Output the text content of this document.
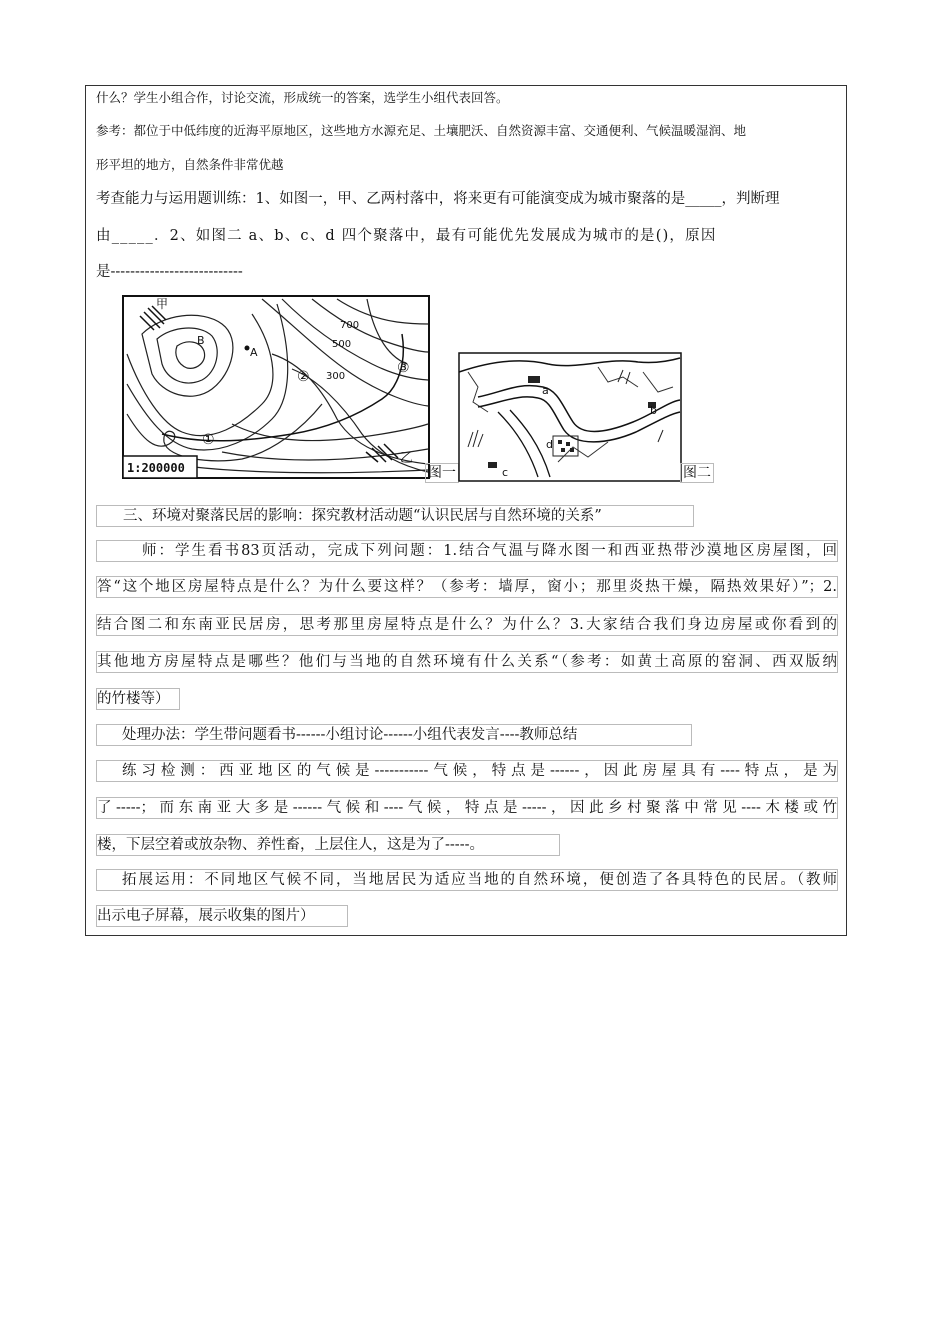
什么？学生小组合作，讨论交流，形成统一的答案，选学生小组代表回答。
参考：都位于中低纬度的近海平原地区，这些地方水源充足、土壤肥沃、自然资源丰富、交通便利、气候温暖湿润、地
形平坦的地方，自然条件非常优越
考查能力与运用题训练：1、如图一，甲、乙两村落中，将来更有可能演变成为城市聚落的是_____，判断理
由_____．2、如图二 a、b、c、d 四个聚落中，最有可能优先发展成为城市的是()，原因
是---------------------------
甲
乙
A
B
700
500
300
①
②
③
1:200000	图一
a
b
c
d
图二
三、环境对聚落民居的影响：探究教材活动题“认识民居与自然环境的关系”
师：学生看书83页活动，完成下列问题：1.结合气温与降水图一和西亚热带沙漠地区房屋图，回
答“这个地区房屋特点是什么？为什么要这样？（参考：墙厚，窗小；那里炎热干燥，隔热效果好）”；2.
结合图二和东南亚民居房，思考那里房屋特点是什么？为什么？3.大家结合我们身边房屋或你看到的
其他地方房屋特点是哪些？他们与当地的自然环境有什么关系“（参考：如黄土高原的窑洞、西双版纳
的竹楼等）
处理办法：学生带问题看书------小组讨论------小组代表发言----教师总结
练习检测：西亚地区的气候是-----------气候，特点是------，因此房屋具有----特点，是为
了-----；而东南亚大多是------气候和----气候，特点是-----，因此乡村聚落中常见----木楼或竹
楼，下层空着或放杂物、养性畜，上层住人，这是为了-----。
拓展运用：不同地区气候不同，当地居民为适应当地的自然环境，便创造了各具特色的民居。（教师
出示电子屏幕，展示收集的图片）
